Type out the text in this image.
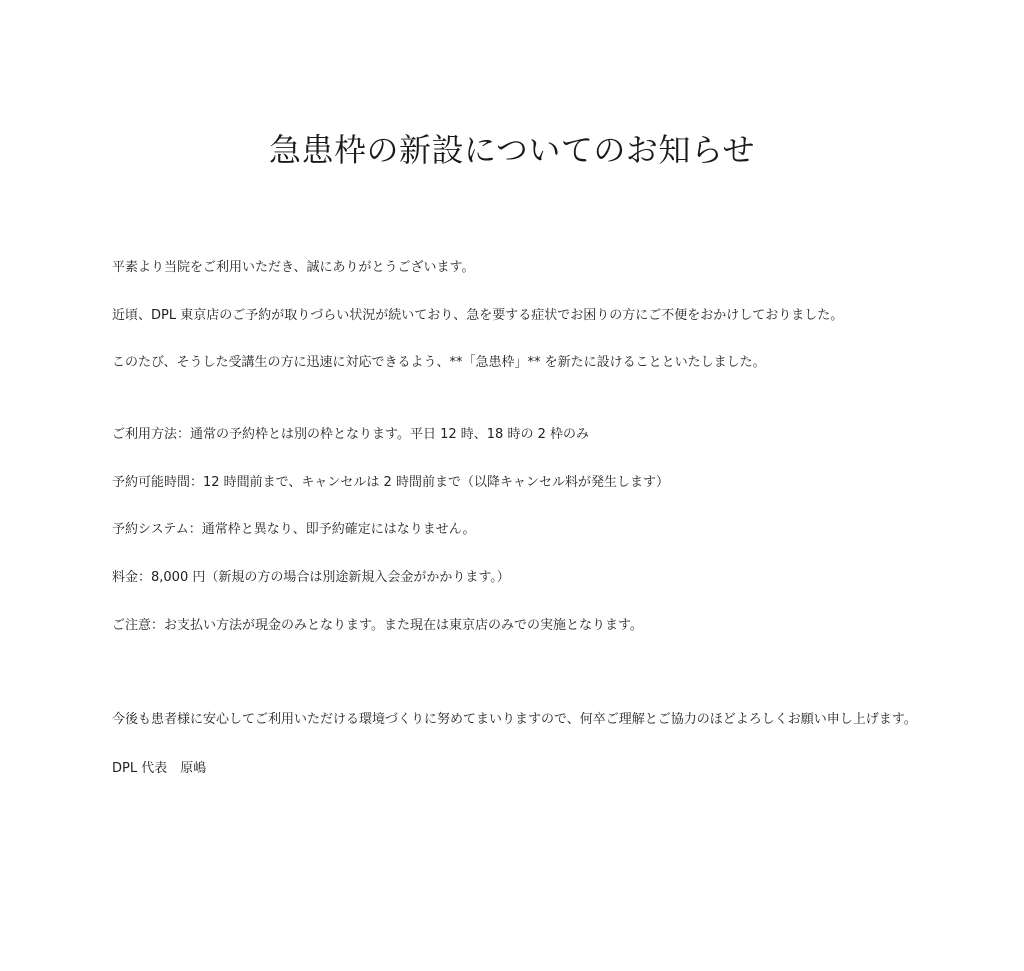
急患枠の新設についてのお知らせ

平素より当院をご利用いただき、誠にありがとうございます。

近頃、DPL 東京店のご予約が取りづらい状況が続いており、急を要する症状でお困りの方にご不便をおかけしておりました。

このたび、そうした受講生の方に迅速に対応できるよう、**「急患枠」** を新たに設けることといたしました。

ご利用方法：通常の予約枠とは別の枠となります。平日 12 時、18 時の 2 枠のみ

予約可能時間：12 時間前まで、キャンセルは 2 時間前まで（以降キャンセル料が発生します）

予約システム：通常枠と異なり、即予約確定にはなりません。

料金：8,000 円（新規の方の場合は別途新規入会金がかかります。）

ご注意：お支払い方法が現金のみとなります。また現在は東京店のみでの実施となります。

今後も患者様に安心してご利用いただける環境づくりに努めてまいりますので、何卒ご理解とご協力のほどよろしくお願い申し上げます。

DPL 代表　原嶋
